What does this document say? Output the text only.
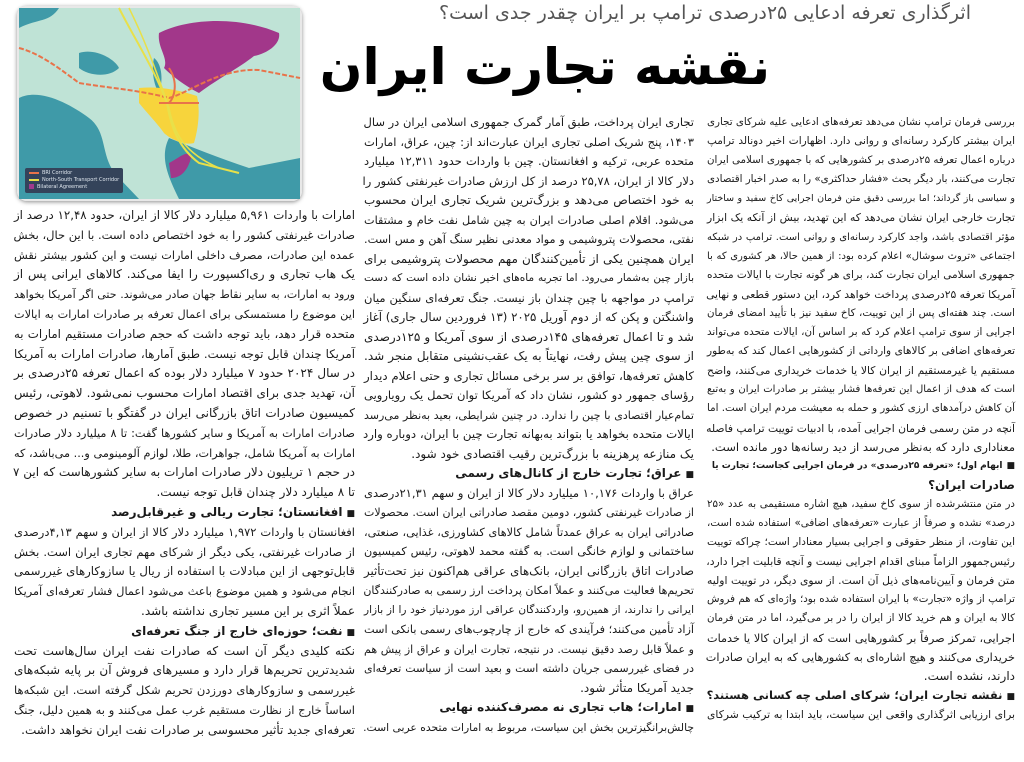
اثرگذاری تعرفه ادعایی ۲۵درصدی ترامپ بر ایران چقدر جدی است؟
نقشه تجارت ایران
BRI Corridor
North-South Transport Corridor
Bilateral Agreement
بررسی فرمان ترامپ نشان می‌دهد تعرفه‌های ادعایی علیه شرکای تجاری
ایران بیشتر کارکرد رسانه‌ای و روانی دارد. اظهارات اخیر دونالد ترامپ
درباره اعمال تعرفه ۲۵درصدی بر کشورهایی که با جمهوری اسلامی ایران
تجارت می‌کنند، بار دیگر بحث «فشار حداکثری» را به صدر اخبار اقتصادی
و سیاسی باز گرداند؛ اما بررسی دقیق متن فرمان اجرایی کاخ سفید و ساختار
تجارت خارجی ایران نشان می‌دهد که این تهدید، بیش از آنکه یک ابزار
مؤثر اقتصادی باشد، واجد کارکرد رسانه‌ای و روانی است. ترامپ در شبکه
اجتماعی «تروث سوشال» اعلام کرده بود: از همین حالا، هر کشوری که با
جمهوری اسلامی ایران تجارت کند، برای هر گونه تجارت با ایالات متحده
آمریکا تعرفه ۲۵درصدی پرداخت خواهد کرد، این دستور قطعی و نهایی
است. چند هفته‌ای پس از این توییت، کاخ سفید نیز با تأیید امضای فرمان
اجرایی از سوی ترامپ اعلام کرد که بر اساس آن، ایالات متحده می‌تواند
تعرفه‌های اضافی بر کالاهای وارداتی از کشورهایی اعمال کند که به‌طور
مستقیم یا غیرمستقیم از ایران کالا یا خدمات خریداری می‌کنند، واضح
است که هدف از اعمال این تعرفه‌ها فشار بیشتر بر صادرات ایران و به‌تبع
آن کاهش درآمدهای ارزی کشور و حمله به معیشت مردم ایران است. اما
آنچه در متن رسمی فرمان اجرایی آمده، با ادبیات توییت ترامپ فاصله
معناداری دارد که به‌نظر می‌رسد از دید رسانه‌ها دور مانده است.
■ابهام اول؛ «تعرفه ۲۵درصدی» در فرمان اجرایی کجاست؛ تجارت یا
صادرات ایران؟
در متن منتشرشده از سوی کاخ سفید، هیچ اشاره مستقیمی به عدد «۲۵
درصد» نشده و صرفاً از عبارت «تعرفه‌های اضافی» استفاده شده است،
این تفاوت، از منظر حقوقی و اجرایی بسیار معنادار است؛ چراکه توییت
رئیس‌جمهور الزاماً مبنای اقدام اجرایی نیست و آنچه قابلیت اجرا دارد،
متن فرمان و آیین‌نامه‌های ذیل آن است. از سوی دیگر، در توییت اولیه
ترامپ از واژه «تجارت» با ایران استفاده شده بود؛ واژه‌ای که هم فروش
کالا به ایران و هم خرید کالا از ایران را در بر می‌گیرد، اما در متن فرمان
اجرایی، تمرکز صرفاً بر کشورهایی است که از ایران کالا یا خدمات
خریداری می‌کنند و هیچ اشاره‌ای به کشورهایی که به ایران صادرات
دارند، نشده است.
■نقشه تجارت ایران؛ شرکای اصلی چه کسانی هستند؟
برای ارزیابی اثرگذاری واقعی این سیاست، باید ابتدا به ترکیب شرکای
تجاری ایران پرداخت، طبق آمار گمرک جمهوری اسلامی ایران در سال
۱۴۰۳، پنج شریک اصلی تجاری ایران عبارت‌اند از: چین، عراق، امارات
متحده عربی، ترکیه و افغانستان. چین با واردات حدود ۱۲,۳۱۱ میلیارد
دلار کالا از ایران، ۲۵,۷۸ درصد از کل ارزش صادرات غیرنفتی کشور را
به خود اختصاص می‌دهد و بزرگ‌ترین شریک تجاری ایران محسوب
می‌شود. اقلام اصلی صادرات ایران به چین شامل نفت خام و مشتقات
نفتی، محصولات پتروشیمی و مواد معدنی نظیر سنگ آهن و مس است.
ایران همچنین یکی از تأمین‌کنندگان مهم محصولات پتروشیمی برای
بازار چین به‌شمار می‌رود. اما تجربه ماه‌های اخیر نشان داده است که دست
ترامپ در مواجهه با چین چندان باز نیست. جنگ تعرفه‌ای سنگین میان
واشنگتن و پکن که از دوم آوریل ۲۰۲۵ (۱۳ فروردین سال جاری) آغاز
شد و تا اعمال تعرفه‌های ۱۴۵درصدی از سوی آمریکا و ۱۲۵درصدی
از سوی چین پیش رفت، نهایتاً به یک عقب‌نشینی متقابل منجر شد.
کاهش تعرفه‌ها، توافق بر سر برخی مسائل تجاری و حتی اعلام دیدار
رؤسای جمهور دو کشور، نشان داد که آمریکا توان تحمل یک رویارویی
تمام‌عیار اقتصادی با چین را ندارد. در چنین شرایطی، بعید به‌نظر می‌رسد
ایالات متحده بخواهد یا بتواند به‌بهانه تجارت چین با ایران، دوباره وارد
یک منازعه پرهزینه با بزرگ‌ترین رقیب اقتصادی خود شود.
■عراق؛ تجارت خارج از کانال‌های رسمی
عراق با واردات ۱۰,۱۷۶ میلیارد دلار کالا از ایران و سهم ۲۱,۳۱درصدی
از صادرات غیرنفتی کشور، دومین مقصد صادراتی ایران است. محصولات
صادراتی ایران به عراق عمدتاً شامل کالاهای کشاورزی، غذایی، صنعتی،
ساختمانی و لوازم خانگی است. به گفته محمد لاهوتی، رئیس کمیسیون
صادرات اتاق بازرگانی ایران، بانک‌های عراقی هم‌اکنون نیز تحت‌تأثیر
تحریم‌ها فعالیت می‌کنند و عملاً امکان پرداخت ارز رسمی به صادرکنندگان
ایرانی را ندارند، از همین‌رو، واردکنندگان عراقی ارز موردنیاز خود را از بازار
آزاد تأمین می‌کنند؛ فرآیندی که خارج از چارچوب‌های رسمی بانکی است
و عملاً قابل رصد دقیق نیست. در نتیجه، تجارت ایران و عراق از پیش هم
در فضای غیررسمی جریان داشته است و بعید است از سیاست تعرفه‌ای
جدید آمریکا متأثر شود.
■امارات؛ هاب تجاری نه مصرف‌کننده نهایی
چالش‌برانگیزترین بخش این سیاست، مربوط به امارات متحده عربی است.
امارات با واردات ۵,۹۶۱ میلیارد دلار کالا از ایران، حدود ۱۲,۴۸ درصد از
صادرات غیرنفتی کشور را به خود اختصاص داده است. با این حال، بخش
عمده این صادرات، مصرف داخلی امارات نیست و این کشور بیشتر نقش
یک هاب تجاری و ری‌اکسپورت را ایفا می‌کند. کالاهای ایرانی پس از
ورود به امارات، به سایر نقاط جهان صادر می‌شوند. حتی اگر آمریکا بخواهد
این موضوع را مستمسکی برای اعمال تعرفه بر صادرات امارات به ایالات
متحده قرار دهد، باید توجه داشت که حجم صادرات مستقیم امارات به
آمریکا چندان قابل توجه نیست. طبق آمارها، صادرات امارات به آمریکا
در سال ۲۰۲۴ حدود ۷ میلیارد دلار بوده که اعمال تعرفه ۲۵درصدی بر
آن، تهدید جدی برای اقتصاد امارات محسوب نمی‌شود. لاهوتی، رئیس
کمیسیون صادرات اتاق بازرگانی ایران در گفتگو با تسنیم در خصوص
صادرات امارات به آمریکا و سایر کشورها گفت: تا ۸ میلیارد دلار صادرات
امارات به آمریکا شامل، جواهرات، طلا، لوازم آلومینومی و... می‌باشد، که
در حجم ۱ تریلیون دلار صادرات امارات به سایر کشورهاست که این ۷
تا ۸ میلیارد دلار چندان قابل توجه نیست.
■افغانستان؛ تجارت ریالی و غیرقابل‌رصد
افغانستان با واردات ۱,۹۷۲ میلیارد دلار کالا از ایران و سهم ۴,۱۳درصدی
از صادرات غیرنفتی، یکی دیگر از شرکای مهم تجاری ایران است. بخش
قابل‌توجهی از این مبادلات با استفاده از ریال یا سازوکارهای غیررسمی
انجام می‌شود و همین موضوع باعث می‌شود اعمال فشار تعرفه‌ای آمریکا
عملاً اثری بر این مسیر تجاری نداشته باشد.
■نفت؛ حوزه‌ای خارج از جنگ تعرفه‌ای
نکته کلیدی دیگر آن است که صادرات نفت ایران سال‌هاست تحت
شدیدترین تحریم‌ها قرار دارد و مسیرهای فروش آن بر پایه شبکه‌های
غیررسمی و سازوکارهای دورزدن تحریم شکل گرفته است. این شبکه‌ها
اساساً خارج از نظارت مستقیم غرب عمل می‌کنند و به همین دلیل، جنگ
تعرفه‌ای جدید تأثیر محسوسی بر صادرات نفت ایران نخواهد داشت.
